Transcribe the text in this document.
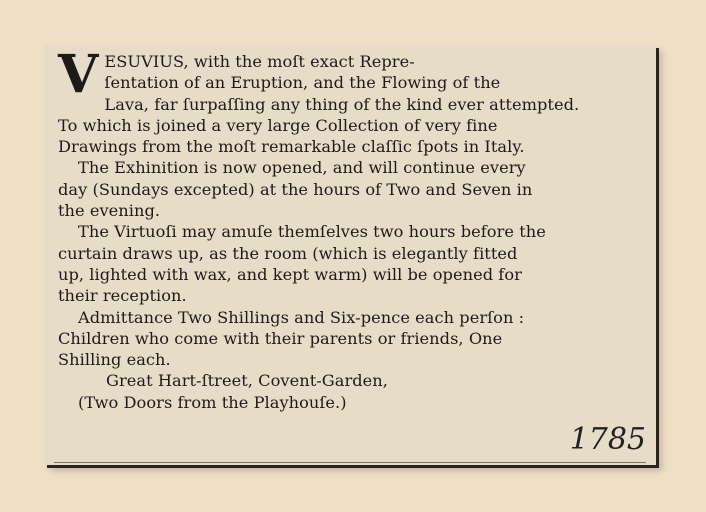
V ESUVIUS, with the moſt exact Repre-
ſentation of an Eruption, and the Flowing of the
Lava, far ſurpaſſing any thing of the kind ever attempted.
To which is joined a very large Collection of very fine
Drawings from the moſt remarkable claſſic ſpots in Italy.
The Exhinition is now opened, and will continue every
day (Sundays excepted) at the hours of Two and Seven in
the evening.
The Virtuoſi may amuſe themſelves two hours before the
curtain draws up, as the room (which is elegantly fitted
up, lighted with wax, and kept warm) will be opened for
their reception.
Admittance Two Shillings and Six-pence each perſon :
Children who come with their parents or friends, One
Shilling each.
Great Hart-ſtreet, Covent-Garden,
(Two Doors from the Playhouſe.)
1785
